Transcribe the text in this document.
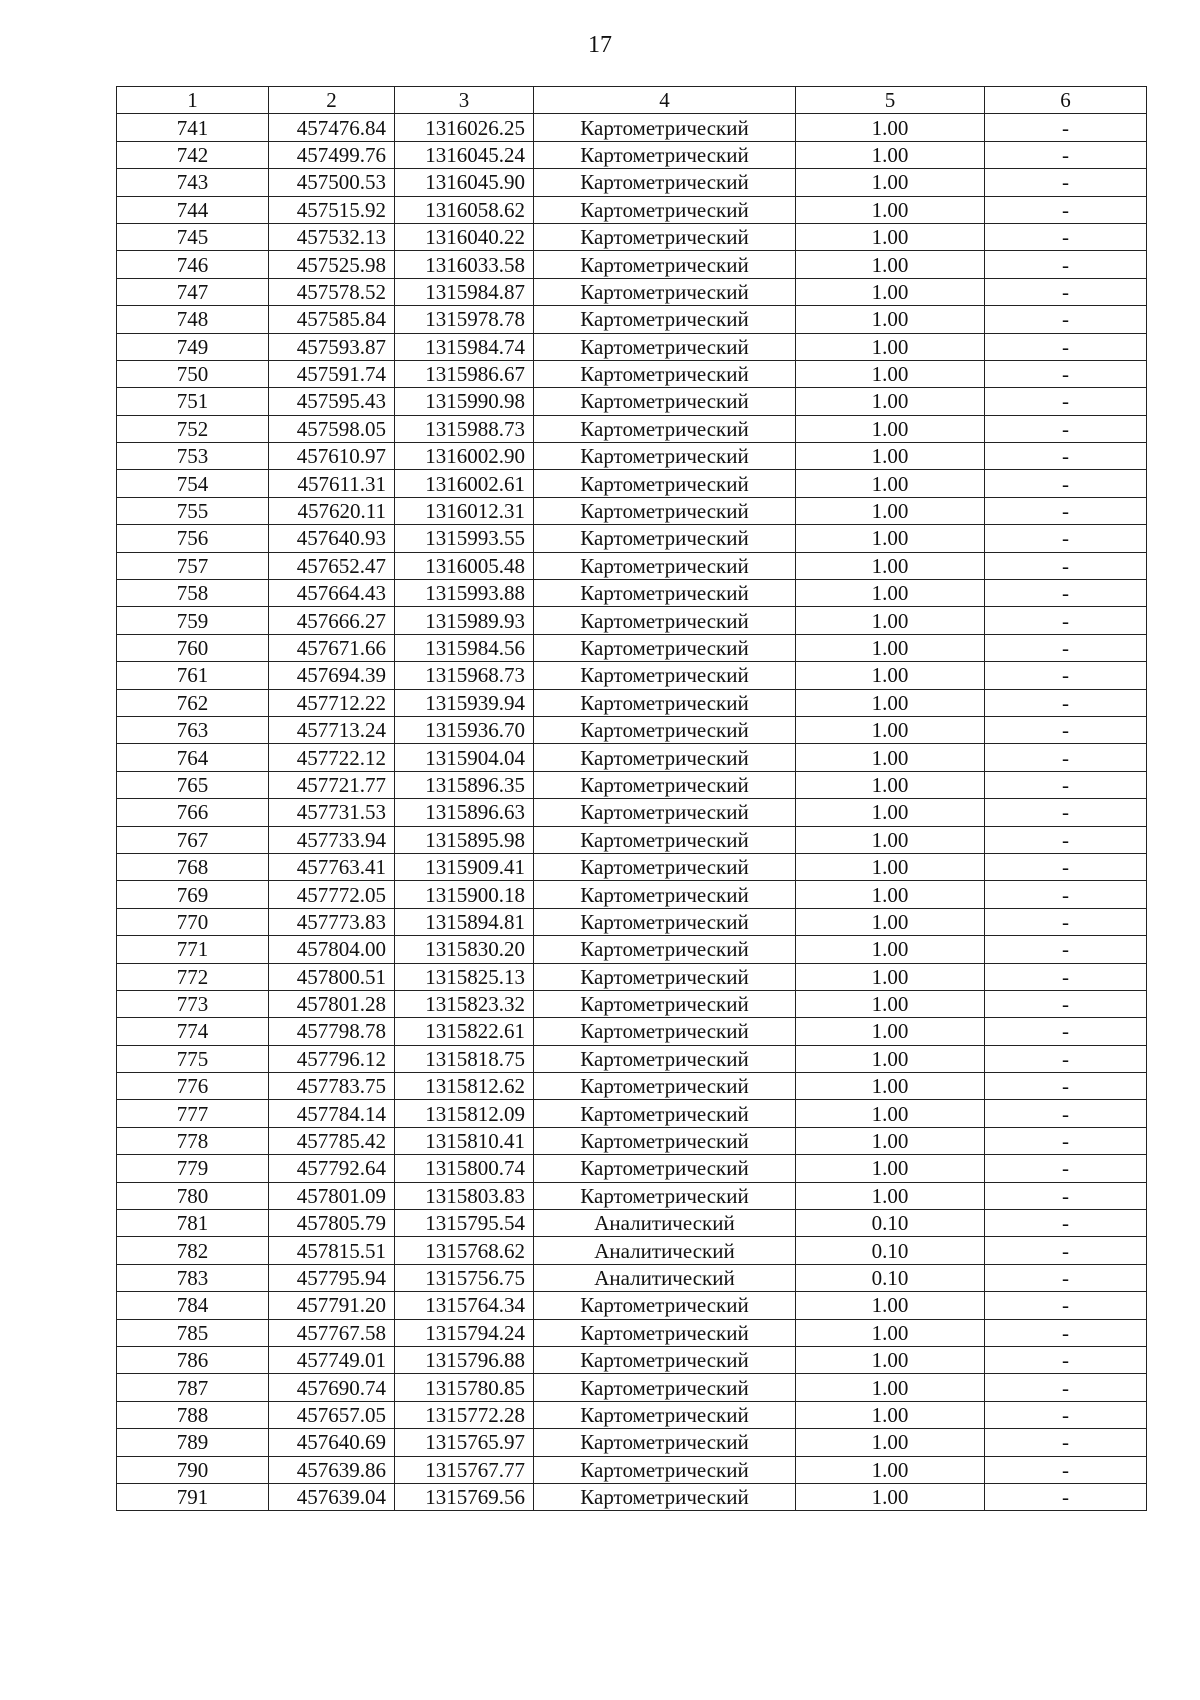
17
1	2	3	4	5	6
741	457476.84	1316026.25	Картометрический	1.00	-
742	457499.76	1316045.24	Картометрический	1.00	-
743	457500.53	1316045.90	Картометрический	1.00	-
744	457515.92	1316058.62	Картометрический	1.00	-
745	457532.13	1316040.22	Картометрический	1.00	-
746	457525.98	1316033.58	Картометрический	1.00	-
747	457578.52	1315984.87	Картометрический	1.00	-
748	457585.84	1315978.78	Картометрический	1.00	-
749	457593.87	1315984.74	Картометрический	1.00	-
750	457591.74	1315986.67	Картометрический	1.00	-
751	457595.43	1315990.98	Картометрический	1.00	-
752	457598.05	1315988.73	Картометрический	1.00	-
753	457610.97	1316002.90	Картометрический	1.00	-
754	457611.31	1316002.61	Картометрический	1.00	-
755	457620.11	1316012.31	Картометрический	1.00	-
756	457640.93	1315993.55	Картометрический	1.00	-
757	457652.47	1316005.48	Картометрический	1.00	-
758	457664.43	1315993.88	Картометрический	1.00	-
759	457666.27	1315989.93	Картометрический	1.00	-
760	457671.66	1315984.56	Картометрический	1.00	-
761	457694.39	1315968.73	Картометрический	1.00	-
762	457712.22	1315939.94	Картометрический	1.00	-
763	457713.24	1315936.70	Картометрический	1.00	-
764	457722.12	1315904.04	Картометрический	1.00	-
765	457721.77	1315896.35	Картометрический	1.00	-
766	457731.53	1315896.63	Картометрический	1.00	-
767	457733.94	1315895.98	Картометрический	1.00	-
768	457763.41	1315909.41	Картометрический	1.00	-
769	457772.05	1315900.18	Картометрический	1.00	-
770	457773.83	1315894.81	Картометрический	1.00	-
771	457804.00	1315830.20	Картометрический	1.00	-
772	457800.51	1315825.13	Картометрический	1.00	-
773	457801.28	1315823.32	Картометрический	1.00	-
774	457798.78	1315822.61	Картометрический	1.00	-
775	457796.12	1315818.75	Картометрический	1.00	-
776	457783.75	1315812.62	Картометрический	1.00	-
777	457784.14	1315812.09	Картометрический	1.00	-
778	457785.42	1315810.41	Картометрический	1.00	-
779	457792.64	1315800.74	Картометрический	1.00	-
780	457801.09	1315803.83	Картометрический	1.00	-
781	457805.79	1315795.54	Аналитический	0.10	-
782	457815.51	1315768.62	Аналитический	0.10	-
783	457795.94	1315756.75	Аналитический	0.10	-
784	457791.20	1315764.34	Картометрический	1.00	-
785	457767.58	1315794.24	Картометрический	1.00	-
786	457749.01	1315796.88	Картометрический	1.00	-
787	457690.74	1315780.85	Картометрический	1.00	-
788	457657.05	1315772.28	Картометрический	1.00	-
789	457640.69	1315765.97	Картометрический	1.00	-
790	457639.86	1315767.77	Картометрический	1.00	-
791	457639.04	1315769.56	Картометрический	1.00	-
